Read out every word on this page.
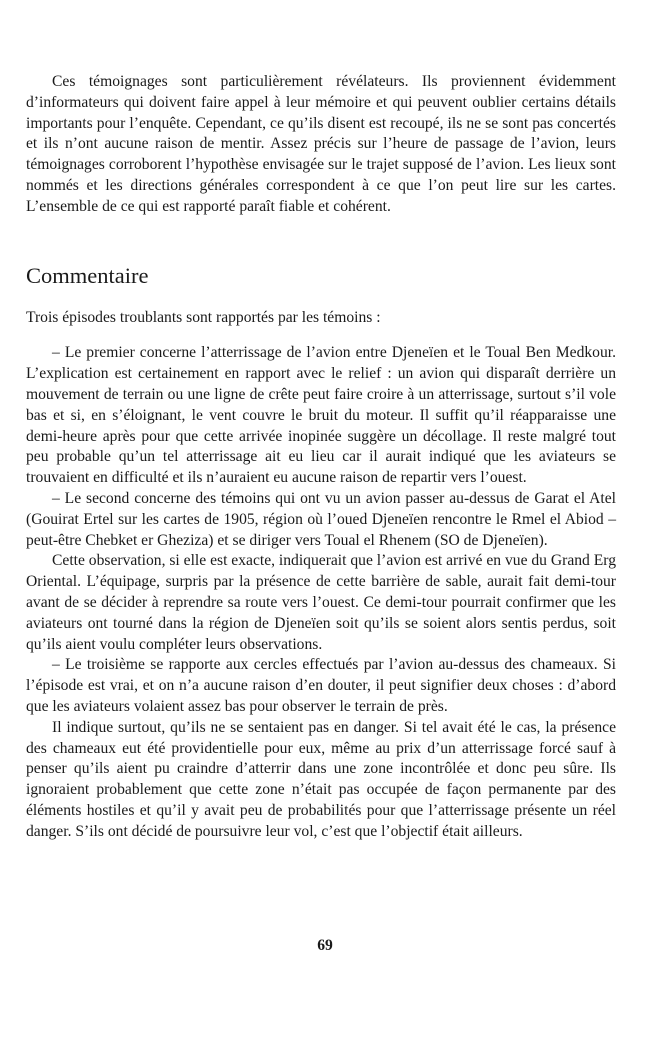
Ces témoignages sont particulièrement révélateurs. Ils proviennent évidemment d’informateurs qui doivent faire appel à leur mémoire et qui peuvent oublier certains détails importants pour l’enquête. Cependant, ce qu’ils disent est recoupé, ils ne se sont pas concertés et ils n’ont aucune raison de mentir. Assez précis sur l’heure de passage de l’avion, leurs témoignages corroborent l’hypothèse envisagée sur le trajet supposé de l’avion. Les lieux sont nommés et les directions générales correspondent à ce que l’on peut lire sur les cartes. L’ensemble de ce qui est rapporté paraît fiable et cohérent.

Commentaire

Trois épisodes troublants sont rapportés par les témoins :

– Le premier concerne l’atterrissage de l’avion entre Djeneïen et le Toual Ben Medkour. L’explication est certainement en rapport avec le relief : un avion qui disparaît derrière un mouvement de terrain ou une ligne de crête peut faire croire à un atterrissage, surtout s’il vole bas et si, en s’éloignant, le vent couvre le bruit du moteur. Il suffit qu’il réapparaisse une demi-heure après pour que cette arrivée inopinée suggère un décollage. Il reste malgré tout peu probable qu’un tel atterrissage ait eu lieu car il aurait indiqué que les aviateurs se trouvaient en difficulté et ils n’auraient eu aucune raison de repartir vers l’ouest.

– Le second concerne des témoins qui ont vu un avion passer au-dessus de Garat el Atel (Gouirat Ertel sur les cartes de 1905, région où l’oued Djeneïen rencontre le Rmel el Abiod – peut-être Chebket er Gheziza) et se diriger vers Toual el Rhenem (SO de Djeneïen).

Cette observation, si elle est exacte, indiquerait que l’avion est arrivé en vue du Grand Erg Oriental. L’équipage, surpris par la présence de cette barrière de sable, aurait fait demi-tour avant de se décider à reprendre sa route vers l’ouest. Ce demi-tour pourrait confirmer que les aviateurs ont tourné dans la région de Djeneïen soit qu’ils se soient alors sentis perdus, soit qu’ils aient voulu compléter leurs observations.

– Le troisième se rapporte aux cercles effectués par l’avion au-dessus des chameaux. Si l’épisode est vrai, et on n’a aucune raison d’en douter, il peut signifier deux choses : d’abord que les aviateurs volaient assez bas pour observer le terrain de près.

Il indique surtout, qu’ils ne se sentaient pas en danger. Si tel avait été le cas, la présence des chameaux eut été providentielle pour eux, même au prix d’un atterrissage forcé sauf à penser qu’ils aient pu craindre d’atterrir dans une zone incontrôlée et donc peu sûre. Ils ignoraient probablement que cette zone n’était pas occupée de façon permanente par des éléments hostiles et qu’il y avait peu de probabilités pour que l’atterrissage présente un réel danger. S’ils ont décidé de poursuivre leur vol, c’est que l’objectif était ailleurs.

69
